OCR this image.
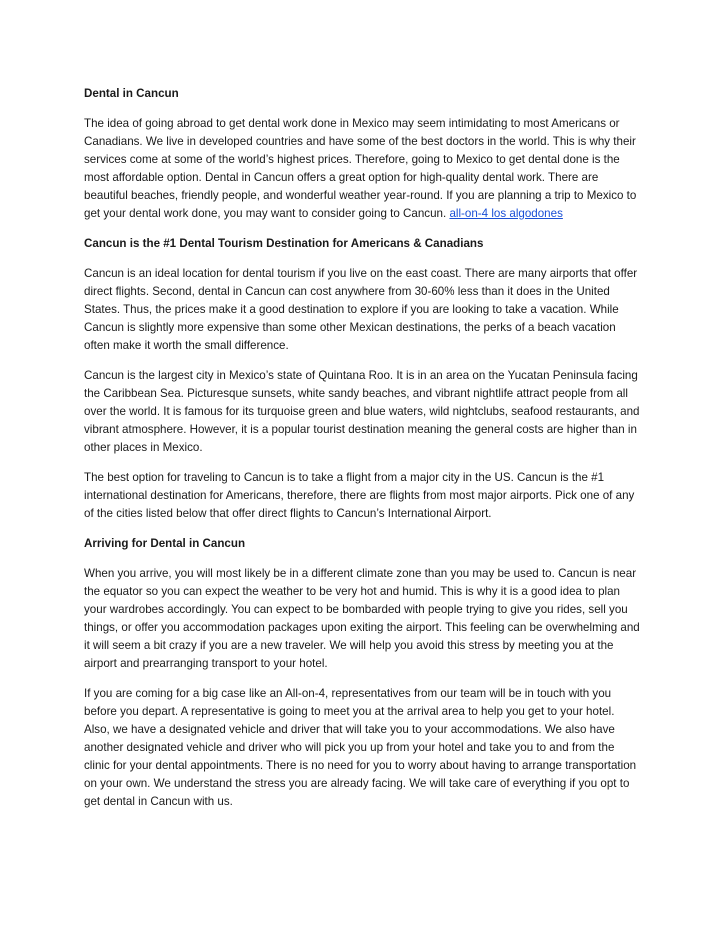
Dental in Cancun

The idea of going abroad to get dental work done in Mexico may seem intimidating to most Americans or Canadians. We live in developed countries and have some of the best doctors in the world. This is why their services come at some of the world’s highest prices. Therefore, going to Mexico to get dental done is the most affordable option. Dental in Cancun offers a great option for high-quality dental work. There are beautiful beaches, friendly people, and wonderful weather year-round. If you are planning a trip to Mexico to get your dental work done, you may want to consider going to Cancun. all-on-4 los algodones

Cancun is the #1 Dental Tourism Destination for Americans & Canadians

Cancun is an ideal location for dental tourism if you live on the east coast. There are many airports that offer direct flights. Second, dental in Cancun can cost anywhere from 30-60% less than it does in the United States. Thus, the prices make it a good destination to explore if you are looking to take a vacation. While Cancun is slightly more expensive than some other Mexican destinations, the perks of a beach vacation often make it worth the small difference.

Cancun is the largest city in Mexico’s state of Quintana Roo. It is in an area on the Yucatan Peninsula facing the Caribbean Sea. Picturesque sunsets, white sandy beaches, and vibrant nightlife attract people from all over the world. It is famous for its turquoise green and blue waters, wild nightclubs, seafood restaurants, and vibrant atmosphere. However, it is a popular tourist destination meaning the general costs are higher than in other places in Mexico.

The best option for traveling to Cancun is to take a flight from a major city in the US. Cancun is the #1 international destination for Americans, therefore, there are flights from most major airports. Pick one of any of the cities listed below that offer direct flights to Cancun’s International Airport.

Arriving for Dental in Cancun

When you arrive, you will most likely be in a different climate zone than you may be used to. Cancun is near the equator so you can expect the weather to be very hot and humid. This is why it is a good idea to plan your wardrobes accordingly. You can expect to be bombarded with people trying to give you rides, sell you things, or offer you accommodation packages upon exiting the airport. This feeling can be overwhelming and it will seem a bit crazy if you are a new traveler. We will help you avoid this stress by meeting you at the airport and prearranging transport to your hotel.

If you are coming for a big case like an All-on-4, representatives from our team will be in touch with you before you depart. A representative is going to meet you at the arrival area to help you get to your hotel. Also, we have a designated vehicle and driver that will take you to your accommodations. We also have another designated vehicle and driver who will pick you up from your hotel and take you to and from the clinic for your dental appointments. There is no need for you to worry about having to arrange transportation on your own. We understand the stress you are already facing. We will take care of everything if you opt to get dental in Cancun with us.
